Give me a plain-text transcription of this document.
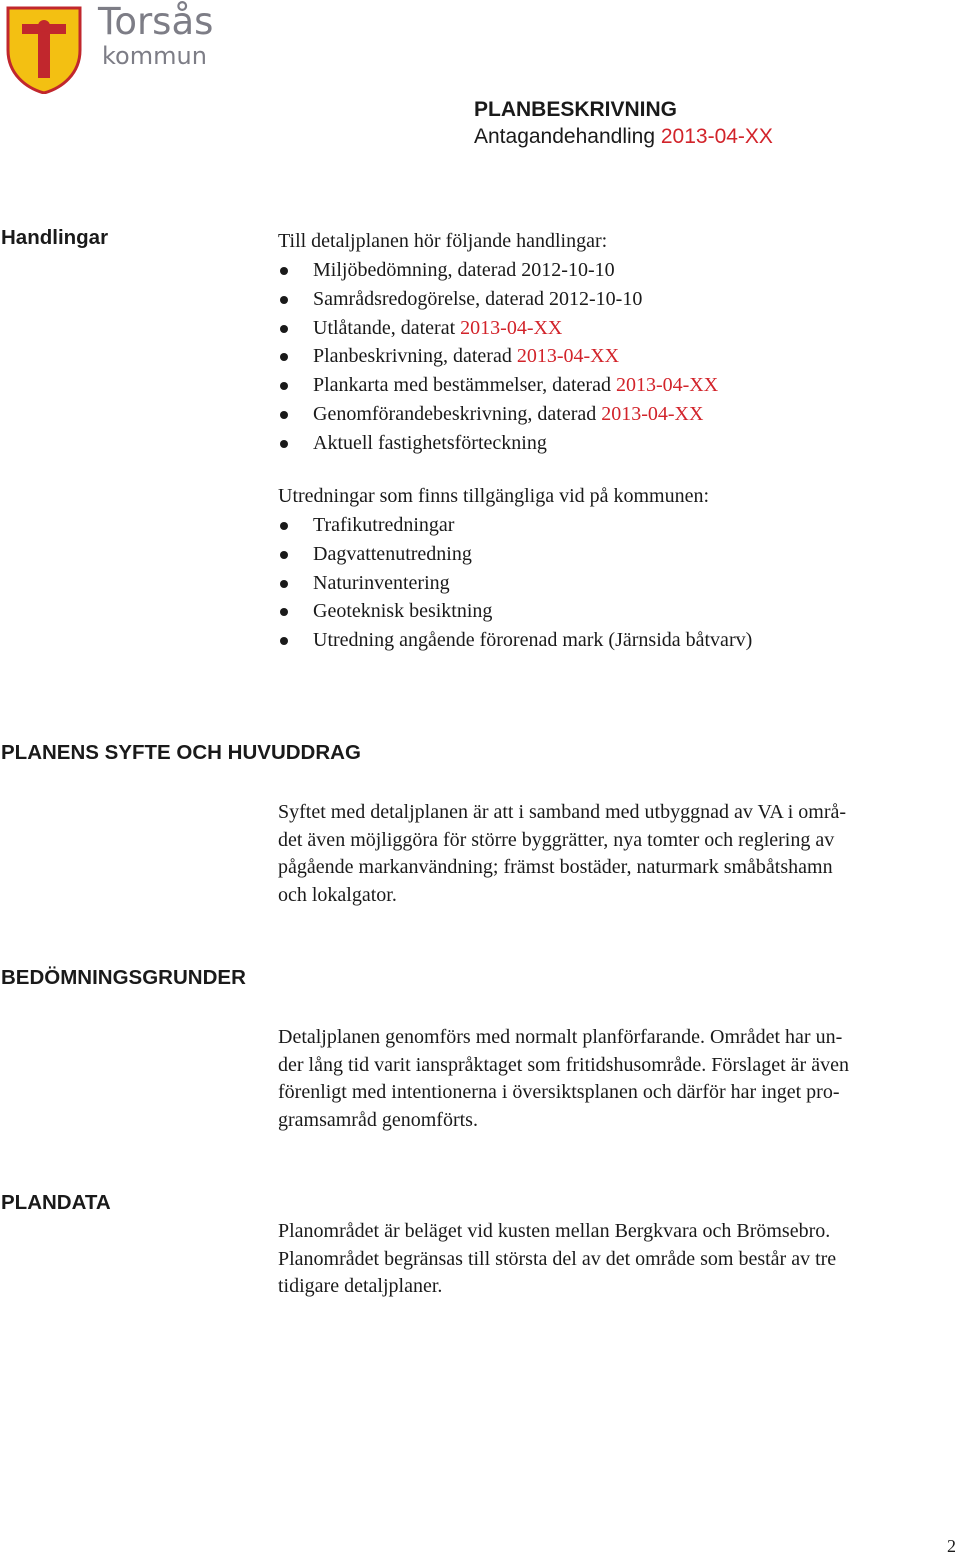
Torsås
kommun
PLANBESKRIVNING
Antagandehandling 2013-04-XX
Handlingar	Till detaljplanen hör följande handlingar:
Miljöbedömning, daterad 2012-10-10
Samrådsredogörelse, daterad 2012-10-10
Utlåtande, daterat 2013-04-XX
Planbeskrivning, daterad 2013-04-XX
Plankarta med bestämmelser, daterad 2013-04-XX
Genomförandebeskrivning, daterad 2013-04-XX
Aktuell fastighetsförteckning
Utredningar som finns tillgängliga vid på kommunen:
Trafikutredningar
Dagvattenutredning
Naturinventering
Geoteknisk besiktning
Utredning angående förorenad mark (Järnsida båtvarv)
PLANENS SYFTE OCH HUVUDDRAG
Syftet med detaljplanen är att i samband med utbyggnad av VA i områ-
det även möjliggöra för större byggrätter, nya tomter och reglering av
pågående markanvändning; främst bostäder, naturmark småbåtshamn
och lokalgator.
BEDÖMNINGSGRUNDER
Detaljplanen genomförs med normalt planförfarande. Området har un-
der lång tid varit ianspråktaget som fritidshusområde. Förslaget är även
förenligt med intentionerna i översiktsplanen och därför har inget pro-
gramsamråd genomförts.
PLANDATA
Planområdet är beläget vid kusten mellan Bergkvara och Brömsebro.
Planområdet begränsas till största del av det område som består av tre
tidigare detaljplaner.
2
